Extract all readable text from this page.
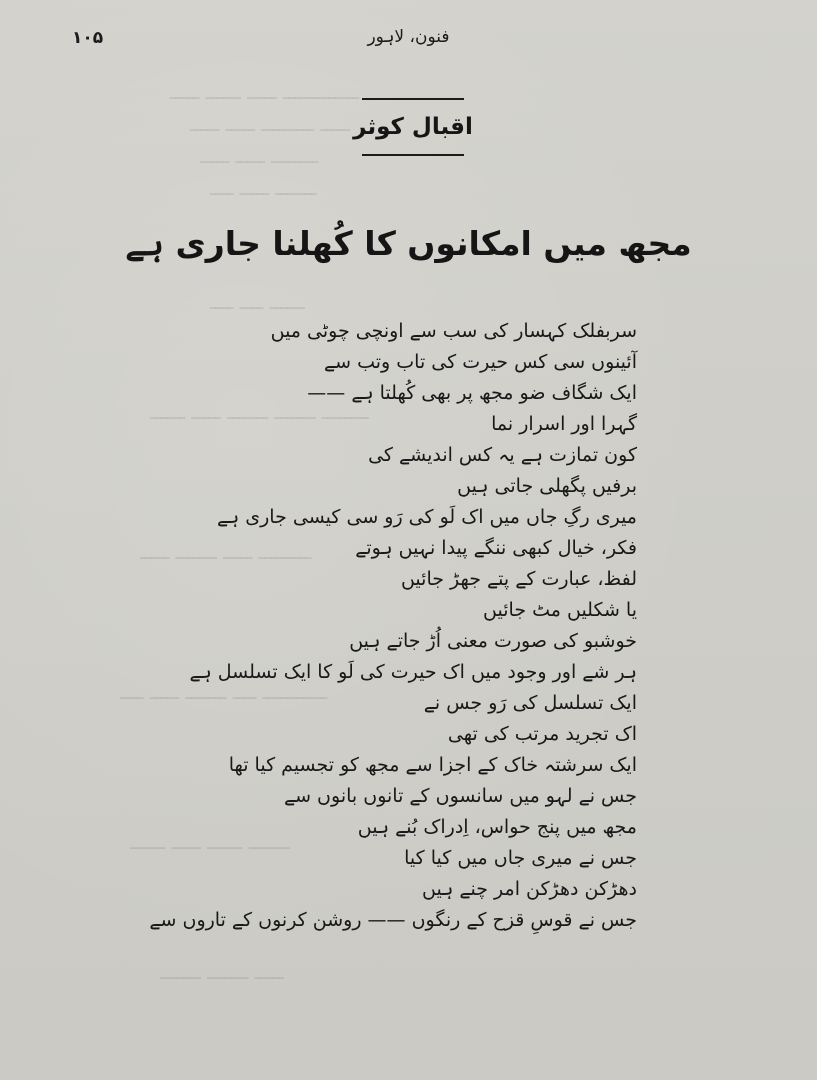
ـــــــــــــ ـــــ ــــــ ـــــ
ـــــ ـــــــــ ـــــ ـــــ
ــــــــ ـــــ ـــــ
ـــــــ ـــــ ــــ
ــــــ ــــ ــــ
ــــــــ ـــــــ ـــــــ ـــــ ــــــ
ـــــــــ ـــــ ـــــــ ـــــ
ـــــــــــ ــــ ـــــــ ـــــ ــــ
ـــــــ ــــــ ـــــ ــــــ
ـــــ ـــــــ ـــــــ
۱۰۵	فنون، لاہور
اقبال کوثر
مجھ میں امکانوں کا کُھلنا جاری ہے
سربفلک کہسار کی سب سے اونچی چوٹی میں
آئینوں سی کس حیرت کی تاب وتب سے
ایک شگاف ضو مجھ پر بھی کُھلتا ہے ——
گہرا اور اسرار نما
کون تمازت ہے یہ کس اندیشے کی
برفیں پگھلی جاتی ہیں
میری رگِ جاں میں اک لَو کی رَو سی کیسی جاری ہے
فکر، خیال کبھی ننگے پیدا نہیں ہوتے
لفظ، عبارت کے پتے جھڑ جائیں
یا شکلیں مٹ جائیں
خوشبو کی صورت معنی اُڑ جاتے ہیں
ہر شے اور وجود میں اک حیرت کی لَو کا ایک تسلسل ہے
ایک تسلسل کی رَو جس نے
اک تجرید مرتب کی تھی
ایک سرشتہ خاک کے اجزا سے مجھ کو تجسیم کیا تھا
جس نے لہو میں سانسوں کے تانوں بانوں سے
مجھ میں پنج حواس، اِدراک بُنے ہیں
جس نے میری جاں میں کیا کیا
دھڑکن دھڑکن امر چنے ہیں
جس نے قوسِ قزح کے رنگوں —— روشن کرنوں کے تاروں سے
